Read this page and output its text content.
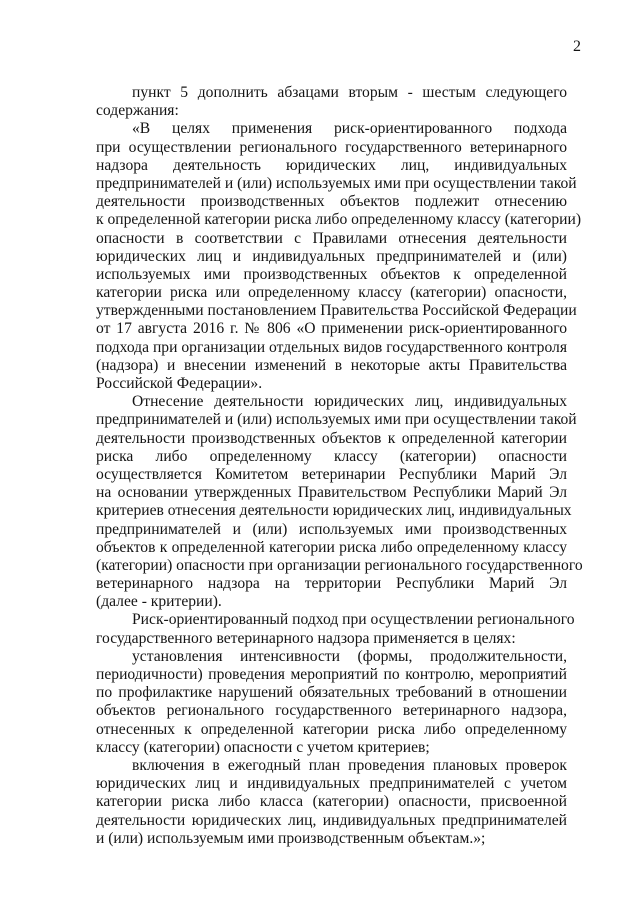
2
пункт 5 дополнить абзацами вторым - шестым следующего
содержания:
«В целях применения риск-ориентированного подхода
при осуществлении регионального государственного ветеринарного
надзора деятельность юридических лиц, индивидуальных
предпринимателей и (или) используемых ими при осуществлении такой
деятельности производственных объектов подлежит отнесению
к определенной категории риска либо определенному классу (категории)
опасности в соответствии с Правилами отнесения деятельности
юридических лиц и индивидуальных предпринимателей и (или)
используемых ими производственных объектов к определенной
категории риска или определенному классу (категории) опасности,
утвержденными постановлением Правительства Российской Федерации
от 17 августа 2016 г. № 806 «О применении риск-ориентированного
подхода при организации отдельных видов государственного контроля
(надзора) и внесении изменений в некоторые акты Правительства
Российской Федерации».
Отнесение деятельности юридических лиц, индивидуальных
предпринимателей и (или) используемых ими при осуществлении такой
деятельности производственных объектов к определенной категории
риска либо определенному классу (категории) опасности
осуществляется Комитетом ветеринарии Республики Марий Эл
на основании утвержденных Правительством Республики Марий Эл
критериев отнесения деятельности юридических лиц, индивидуальных
предпринимателей и (или) используемых ими производственных
объектов к определенной категории риска либо определенному классу
(категории) опасности при организации регионального государственного
ветеринарного надзора на территории Республики Марий Эл
(далее - критерии).
Риск-ориентированный подход при осуществлении регионального
государственного ветеринарного надзора применяется в целях:
установления интенсивности (формы, продолжительности,
периодичности) проведения мероприятий по контролю, мероприятий
по профилактике нарушений обязательных требований в отношении
объектов регионального государственного ветеринарного надзора,
отнесенных к определенной категории риска либо определенному
классу (категории) опасности с учетом критериев;
включения в ежегодный план проведения плановых проверок
юридических лиц и индивидуальных предпринимателей с учетом
категории риска либо класса (категории) опасности, присвоенной
деятельности юридических лиц, индивидуальных предпринимателей
и (или) используемым ими производственным объектам.»;
